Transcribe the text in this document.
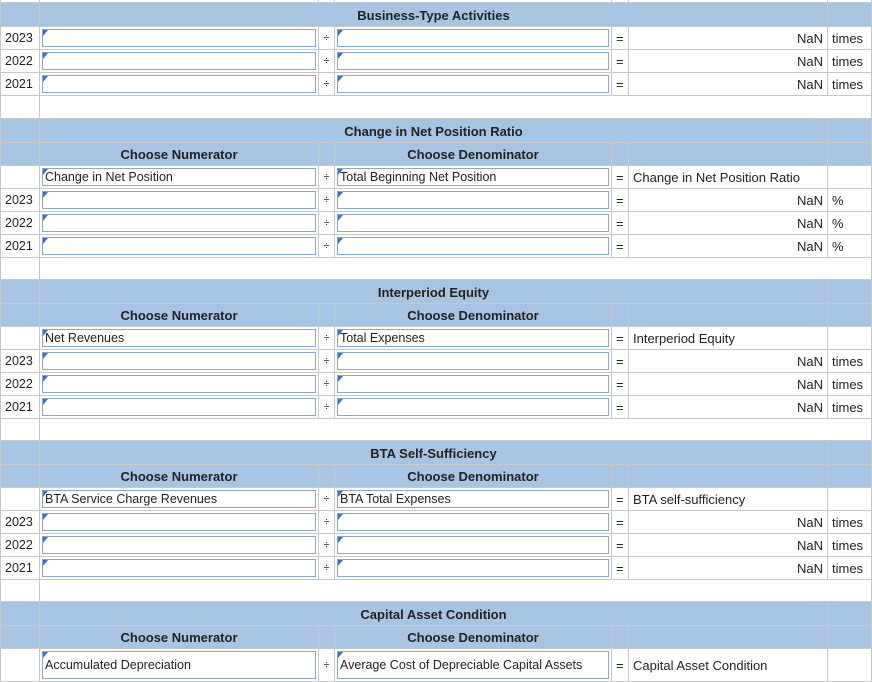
Business-Type Activities
2023	÷	=	NaN times
2022	÷	=	NaN times
2021	÷	=	NaN times
Change in Net Position Ratio
Choose Numerator	Choose Denominator
Change in Net Position	÷ Total Beginning Net Position	= Change in Net Position Ratio
2023	÷	=	NaN %
2022	÷	=	NaN %
2021	÷	=	NaN %
Interperiod Equity
Choose Numerator	Choose Denominator
Net Revenues	÷ Total Expenses	= Interperiod Equity
2023	÷	=	NaN times
2022	÷	=	NaN times
2021	÷	=	NaN times
BTA Self-Sufficiency
Choose Numerator	Choose Denominator
BTA Service Charge Revenues	÷ BTA Total Expenses	= BTA self-sufficiency
2023	÷	=	NaN times
2022	÷	=	NaN times
2021	÷	=	NaN times
Capital Asset Condition
Choose Numerator	Choose Denominator
Accumulated Depreciation	÷ Average Cost of Depreciable Capital Assets	= Capital Asset Condition
